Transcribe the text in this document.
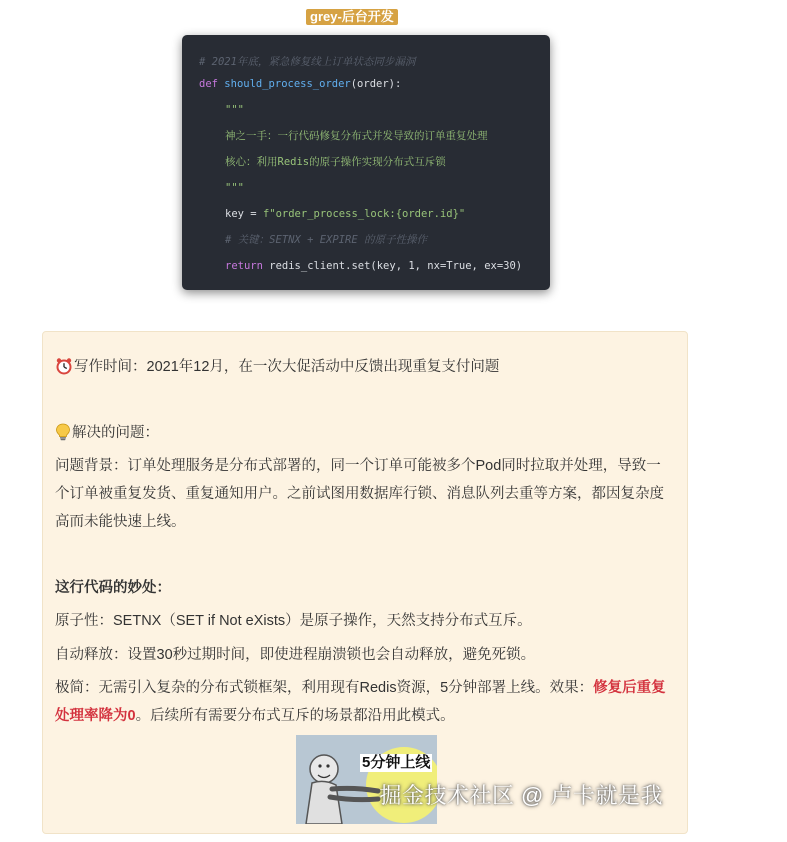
grey-后台开发
# 2021年底，紧急修复线上订单状态同步漏洞
def should_process_order(order):
"""
神之一手：一行代码修复分布式并发导致的订单重复处理
核心：利用Redis的原子操作实现分布式互斥锁
"""
key = f"order_process_lock:{order.id}"
# 关键：SETNX + EXPIRE 的原子性操作
return redis_client.set(key, 1, nx=True, ex=30)
写作时间：2021年12月，在一次大促活动中反馈出现重复支付问题
解决的问题：
问题背景：订单处理服务是分布式部署的，同一个订单可能被多个Pod同时拉取并处理，导致一个订单被重复发货、重复通知用户。之前试图用数据库行锁、消息队列去重等方案，都因复杂度高而未能快速上线。
这行代码的妙处：
原子性：SETNX（SET if Not eXists）是原子操作，天然支持分布式互斥。
自动释放：设置30秒过期时间，即使进程崩溃锁也会自动释放，避免死锁。
极简：无需引入复杂的分布式锁框架，利用现有Redis资源，5分钟部署上线。效果：修复后重复处理率降为0。后续所有需要分布式互斥的场景都沿用此模式。
5分钟上线
掘金技术社区 @ 卢卡就是我
